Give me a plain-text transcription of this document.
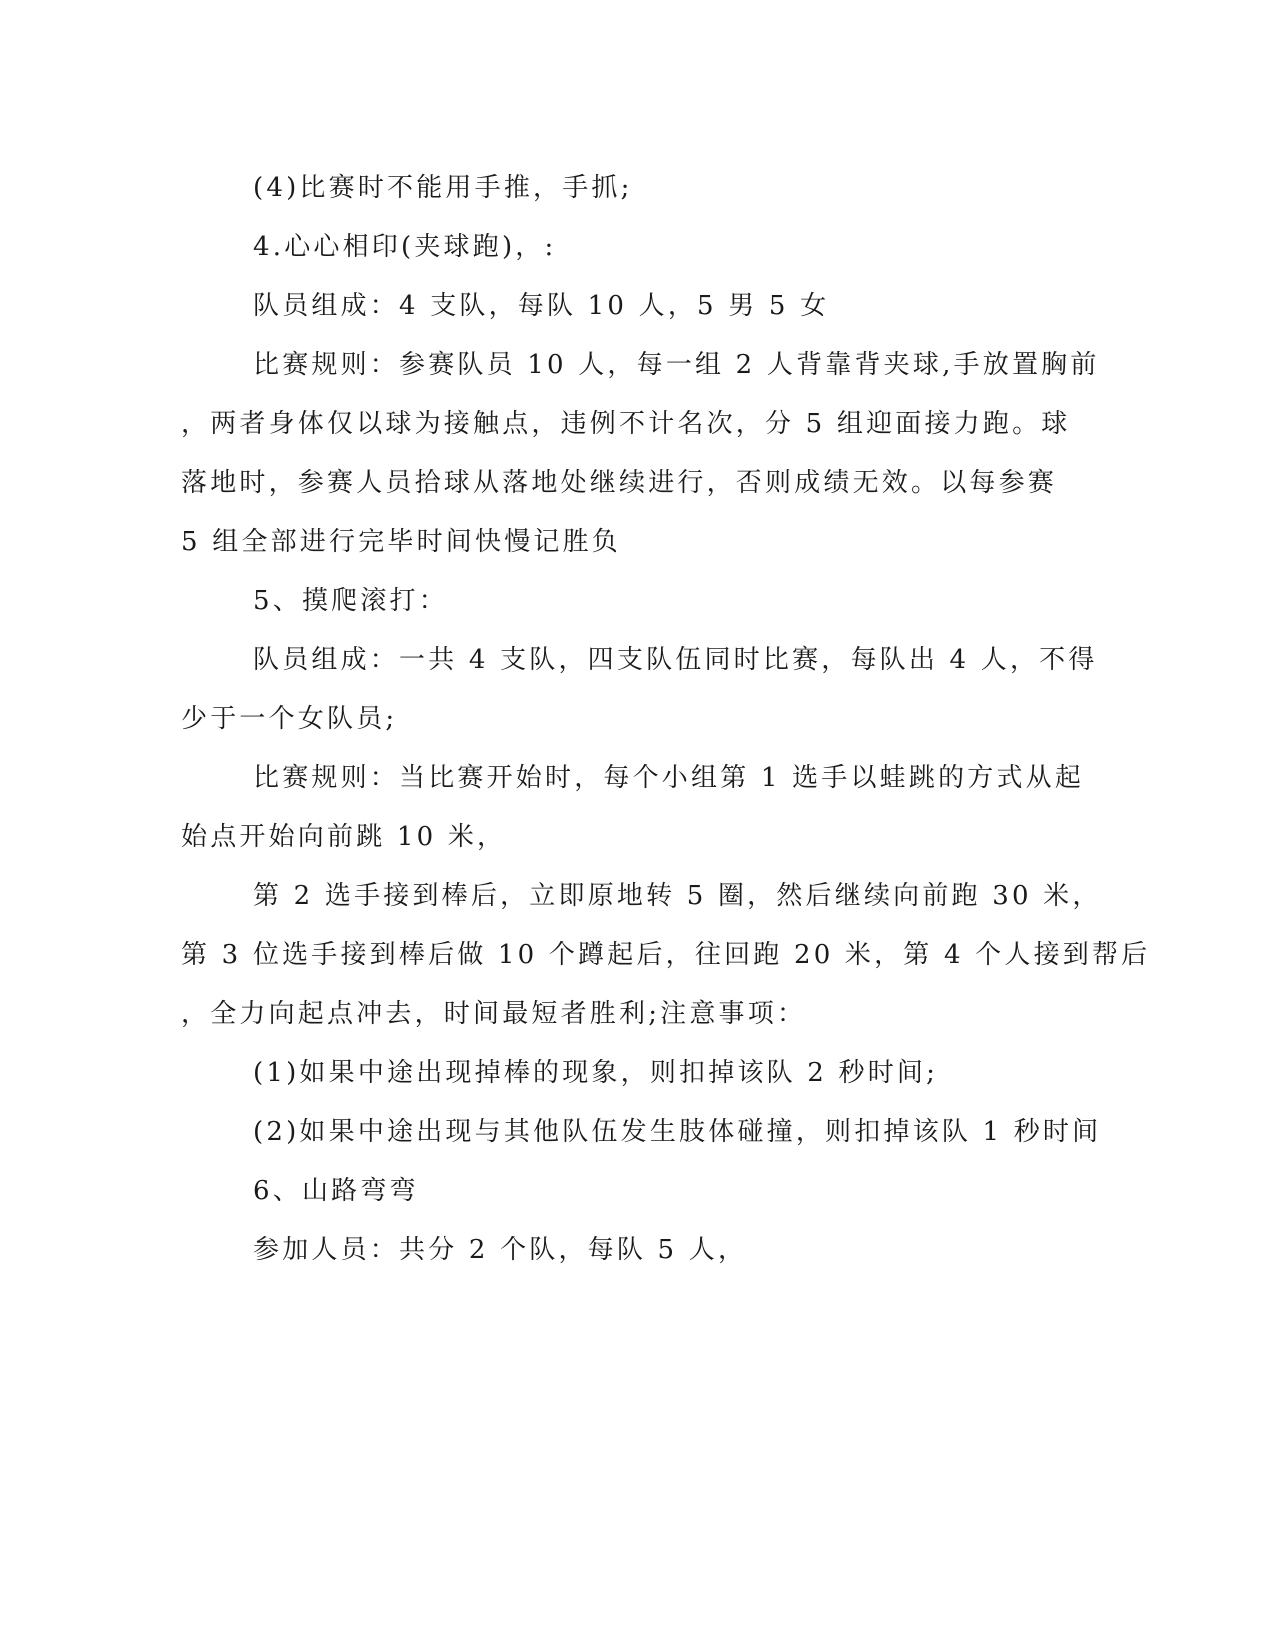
(4)比赛时不能用手推，手抓;
4.心心相印(夹球跑)，:
队员组成：4 支队，每队 10 人，5 男 5 女
比赛规则：参赛队员 10 人，每一组 2 人背靠背夹球,手放置胸前
，两者身体仅以球为接触点，违例不计名次，分 5 组迎面接力跑。球
落地时，参赛人员拾球从落地处继续进行，否则成绩无效。以每参赛
5 组全部进行完毕时间快慢记胜负
5、摸爬滚打：
队员组成：一共 4 支队，四支队伍同时比赛，每队出 4 人，不得
少于一个女队员;
比赛规则：当比赛开始时，每个小组第 1 选手以蛙跳的方式从起
始点开始向前跳 10 米，
第 2 选手接到棒后，立即原地转 5 圈，然后继续向前跑 30 米，
第 3 位选手接到棒后做 10 个蹲起后，往回跑 20 米，第 4 个人接到帮后
，全力向起点冲去，时间最短者胜利;注意事项：
(1)如果中途出现掉棒的现象，则扣掉该队 2 秒时间;
(2)如果中途出现与其他队伍发生肢体碰撞，则扣掉该队 1 秒时间
6、山路弯弯
参加人员：共分 2 个队，每队 5 人，
